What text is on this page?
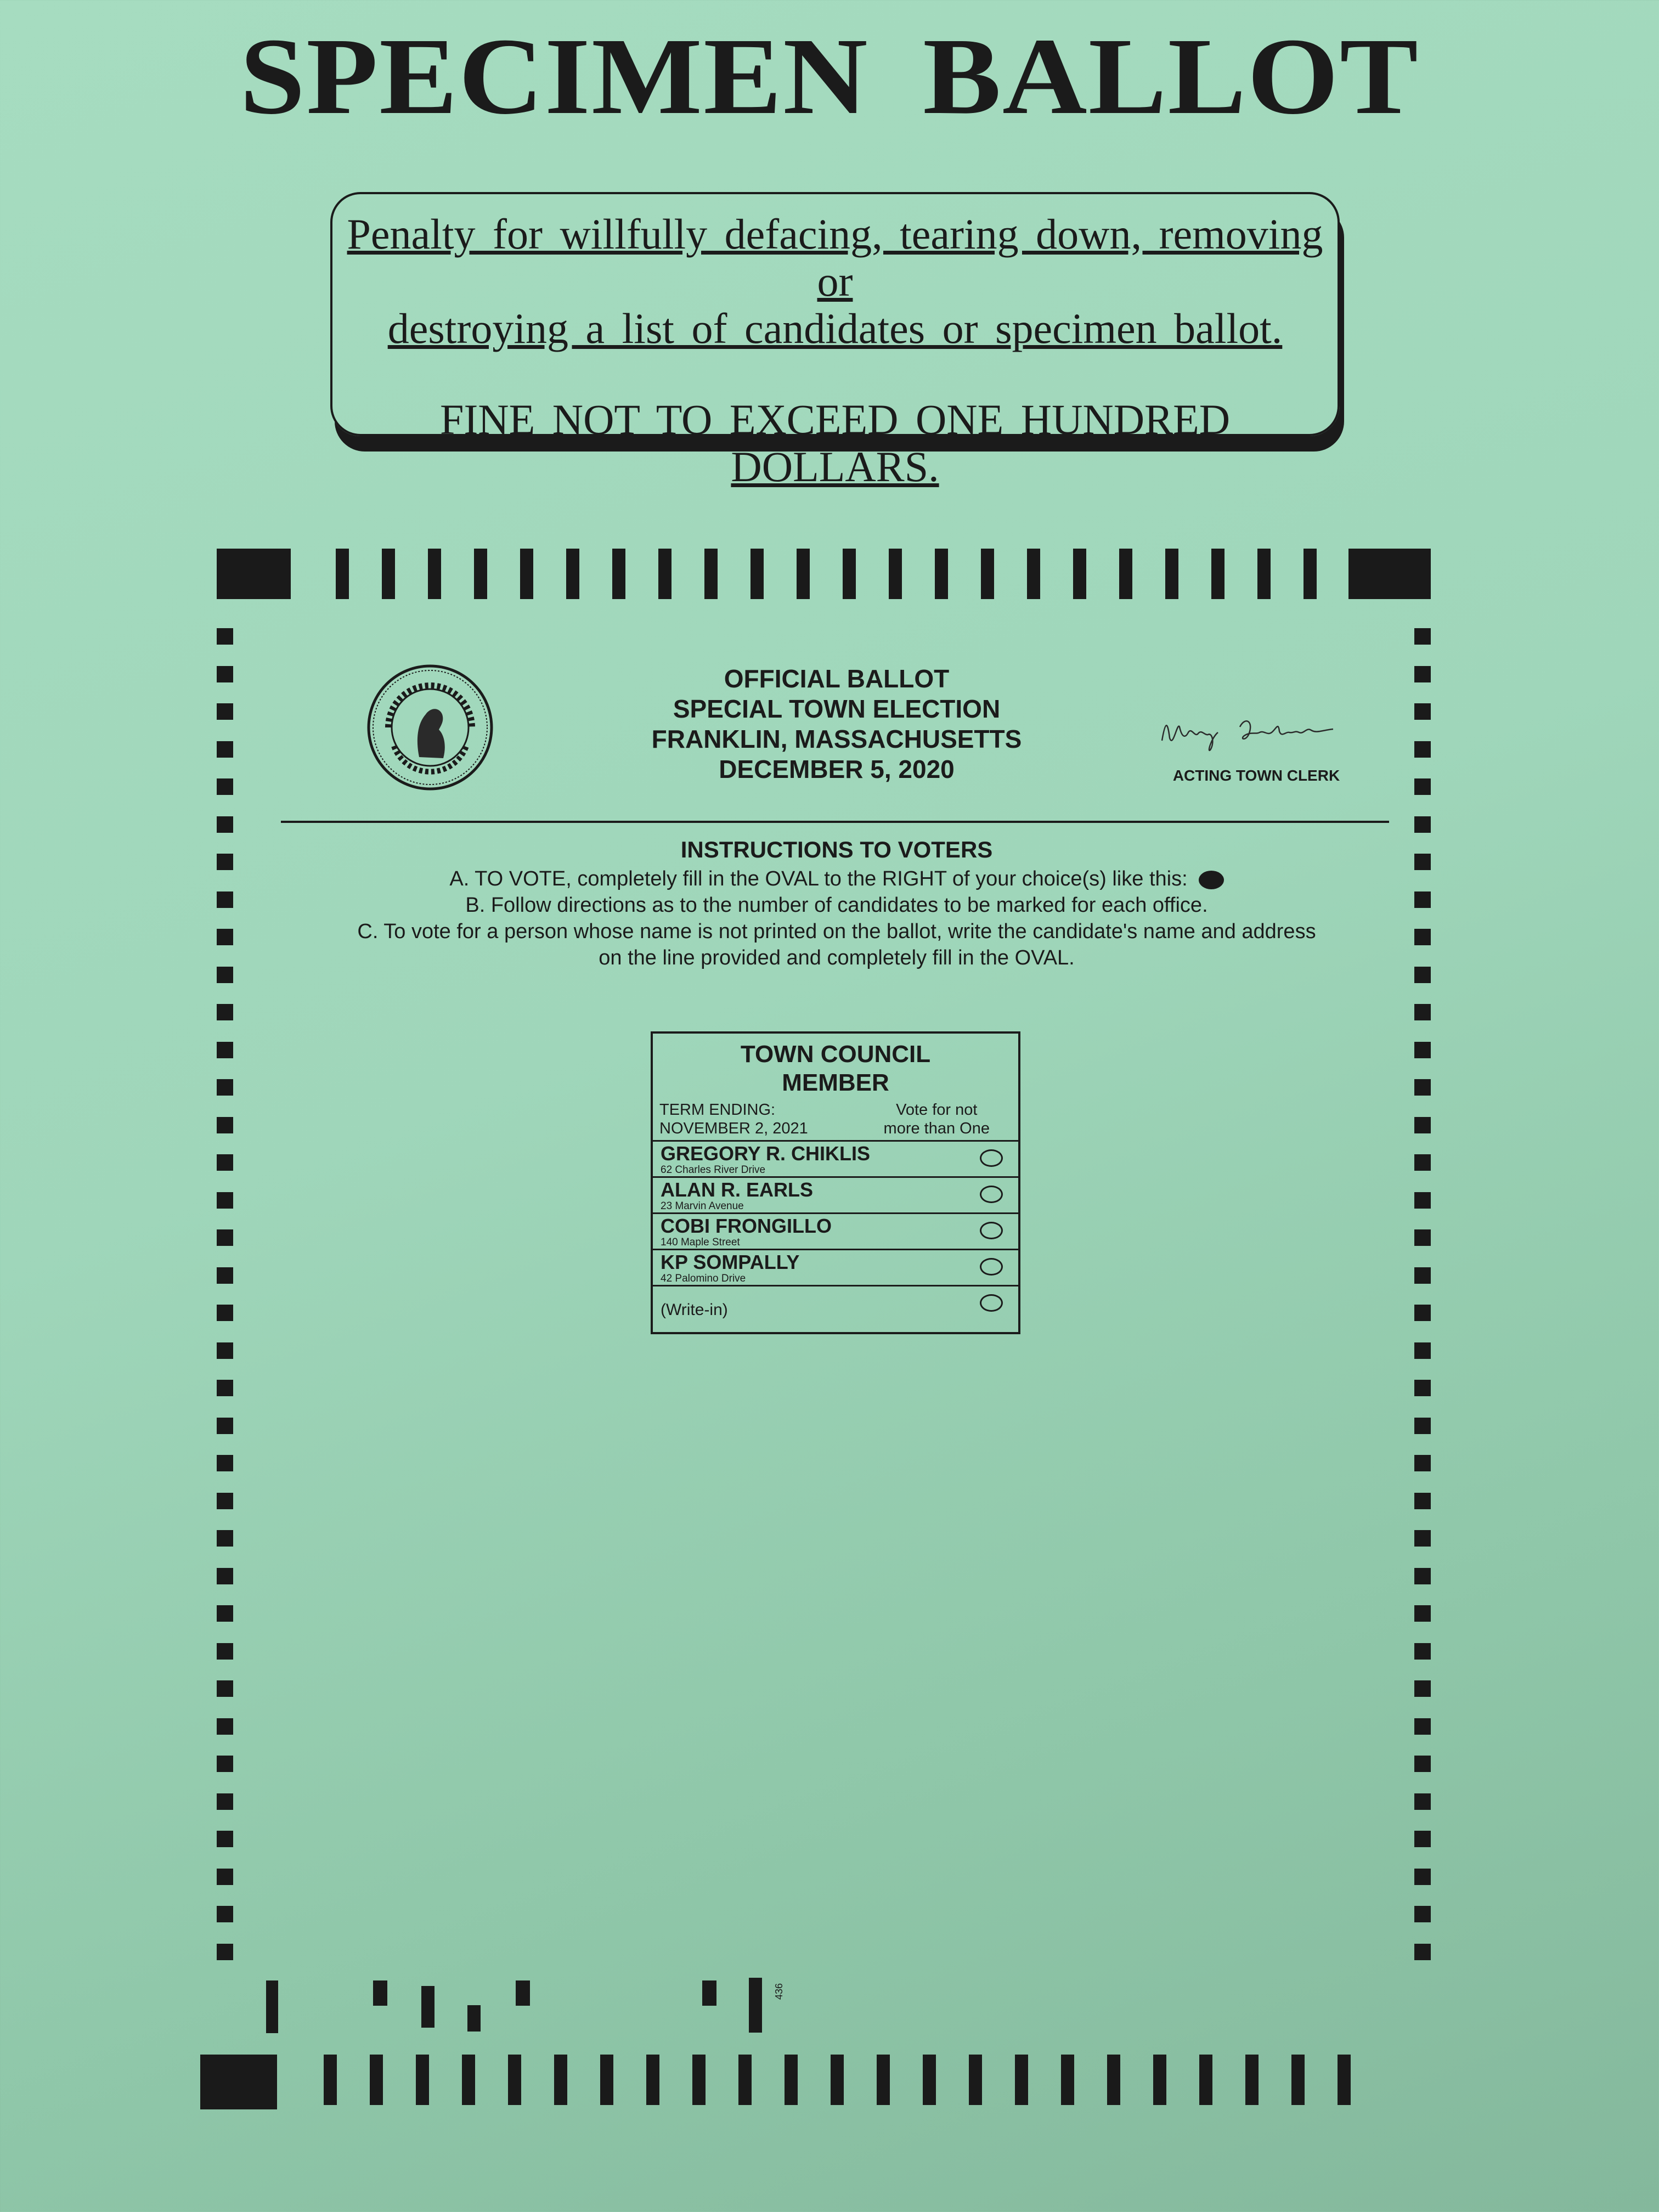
SPECIMEN BALLOT
Penalty for willfully defacing, tearing down, removing or
destroying a list of candidates or specimen ballot.
FINE NOT TO EXCEED ONE HUNDRED DOLLARS.
OFFICIAL BALLOT
SPECIAL TOWN ELECTION
FRANKLIN, MASSACHUSETTS
DECEMBER 5, 2020	ACTING TOWN CLERK
INSTRUCTIONS TO VOTERS
A. TO VOTE, completely fill in the OVAL to the RIGHT of your choice(s) like this:
B. Follow directions as to the number of candidates to be marked for each office.
C. To vote for a person whose name is not printed on the ballot, write the candidate's name and address
on the line provided and completely fill in the OVAL.
TOWN COUNCIL
MEMBER
TERM ENDING:
NOVEMBER 2, 2021
Vote for not
more than One
GREGORY R. CHIKLIS
62 Charles River Drive
ALAN R. EARLS
23 Marvin Avenue
COBI FRONGILLO
140 Maple Street
KP SOMPALLY
42 Palomino Drive
(Write-in)
436
